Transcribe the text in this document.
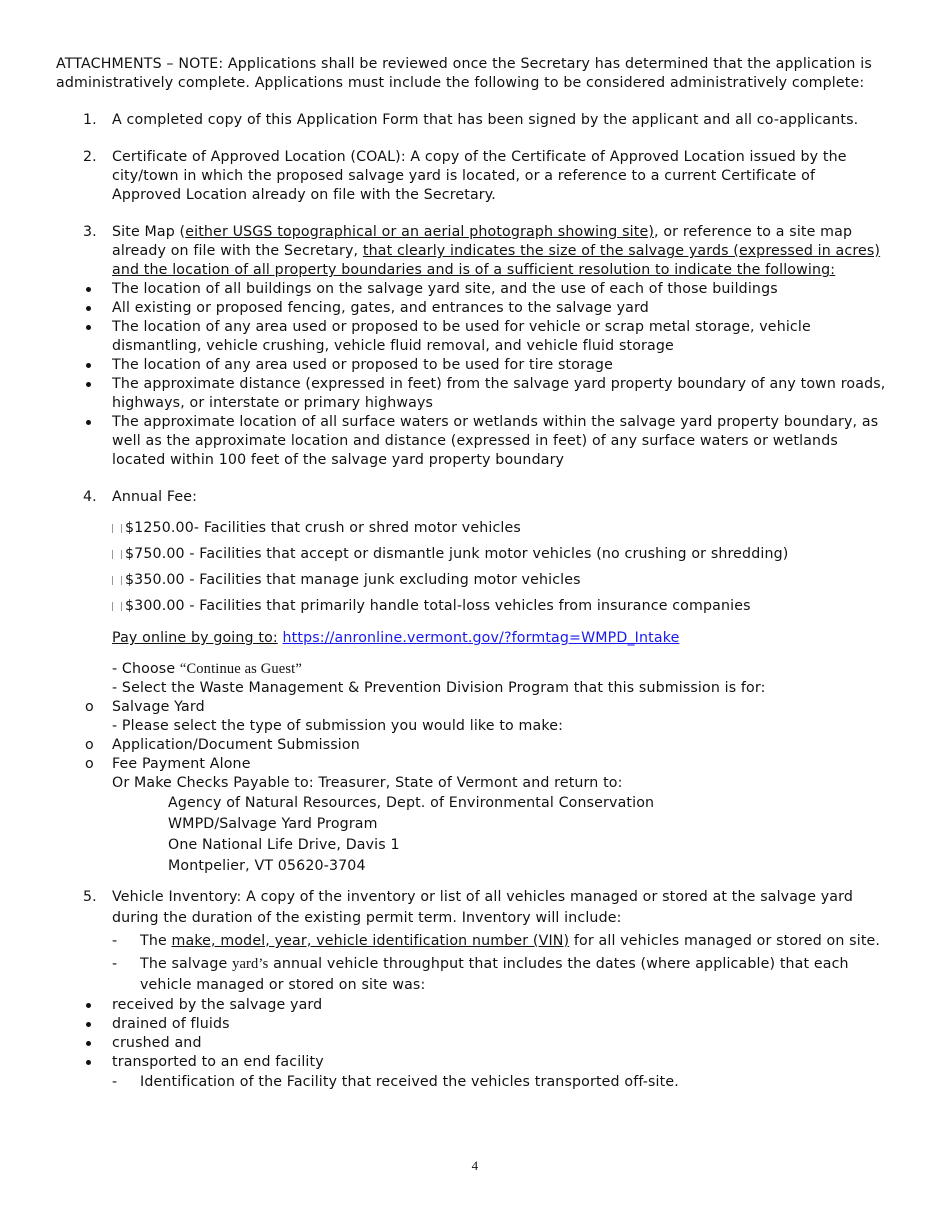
ATTACHMENTS – NOTE: Applications shall be reviewed once the Secretary has determined that the application is administratively complete. Applications must include the following to be considered administratively complete:

1. A completed copy of this Application Form that has been signed by the applicant and all co-applicants.
2. Certificate of Approved Location (COAL): A copy of the Certificate of Approved Location issued by the city/town in which the proposed salvage yard is located, or a reference to a current Certificate of Approved Location already on file with the Secretary.
3. Site Map (either USGS topographical or an aerial photograph showing site), or reference to a site map already on file with the Secretary, that clearly indicates the size of the salvage yards (expressed in acres) and the location of all property boundaries and is of a sufficient resolution to indicate the following:
The location of all buildings on the salvage yard site, and the use of each of those buildings
All existing or proposed fencing, gates, and entrances to the salvage yard
The location of any area used or proposed to be used for vehicle or scrap metal storage, vehicle dismantling, vehicle crushing, vehicle fluid removal, and vehicle fluid storage
The location of any area used or proposed to be used for tire storage
The approximate distance (expressed in feet) from the salvage yard property boundary of any town roads, highways, or interstate or primary highways
The approximate location of all surface waters or wetlands within the salvage yard property boundary, as well as the approximate location and distance (expressed in feet) of any surface waters or wetlands located within 100 feet of the salvage yard property boundary
4. Annual Fee:
$1250.00- Facilities that crush or shred motor vehicles
$750.00 - Facilities that accept or dismantle junk motor vehicles (no crushing or shredding)
$350.00 - Facilities that manage junk excluding motor vehicles
$300.00 - Facilities that primarily handle total-loss vehicles from insurance companies
Pay online by going to: https://anronline.vermont.gov/?formtag=WMPD_Intake
- Choose “Continue as Guest”
- Select the Waste Management & Prevention Division Program that this submission is for:
o Salvage Yard
- Please select the type of submission you would like to make:
o Application/Document Submission
o Fee Payment Alone
Or Make Checks Payable to: Treasurer, State of Vermont and return to:
Agency of Natural Resources, Dept. of Environmental Conservation
WMPD/Salvage Yard Program
One National Life Drive, Davis 1
Montpelier, VT 05620-3704
5. Vehicle Inventory: A copy of the inventory or list of all vehicles managed or stored at the salvage yard during the duration of the existing permit term. Inventory will include:
- The make, model, year, vehicle identification number (VIN) for all vehicles managed or stored on site.
- The salvage yard’s annual vehicle throughput that includes the dates (where applicable) that each vehicle managed or stored on site was:
received by the salvage yard
drained of fluids
crushed and
transported to an end facility
- Identification of the Facility that received the vehicles transported off-site.
4
